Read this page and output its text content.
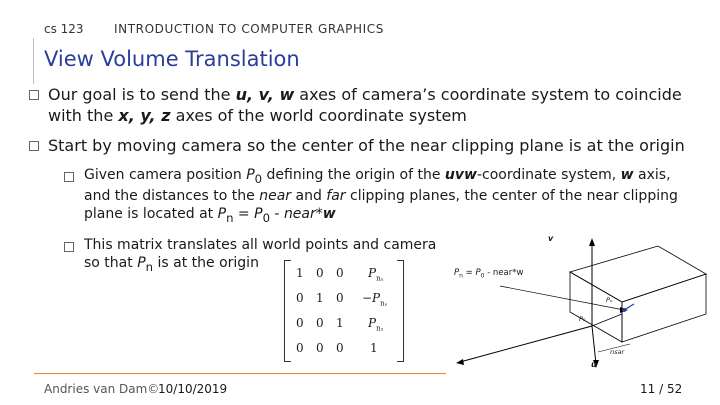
cs 123	INTRODUCTION TO COMPUTER GRAPHICS
View Volume Translation
Our goal is to send the u, v, w axes of camera’s coordinate system to coincide with the x, y, z axes of the world coordinate system
Start by moving camera so the center of the near clipping plane is at the origin
Given camera position $P_0$ defining the origin of the uvw-coordinate system, w axis, and the distances to the near and far clipping planes, the center of the near clipping plane is located at $P_n = P_0$ - near*w
This matrix translates all world points and camera
so that $P_n$ is at the origin
1 0 0 $P_{n_x}$
0 1 $0 -P_{nᵧ}$
0 0 1 $P_{n_2}$
0 0 0 1
$P_n = P_0$ - near*w
v
u
Pₙ
P₀
nsar
Andries van Dam©
10/10/2019	11 / 52
